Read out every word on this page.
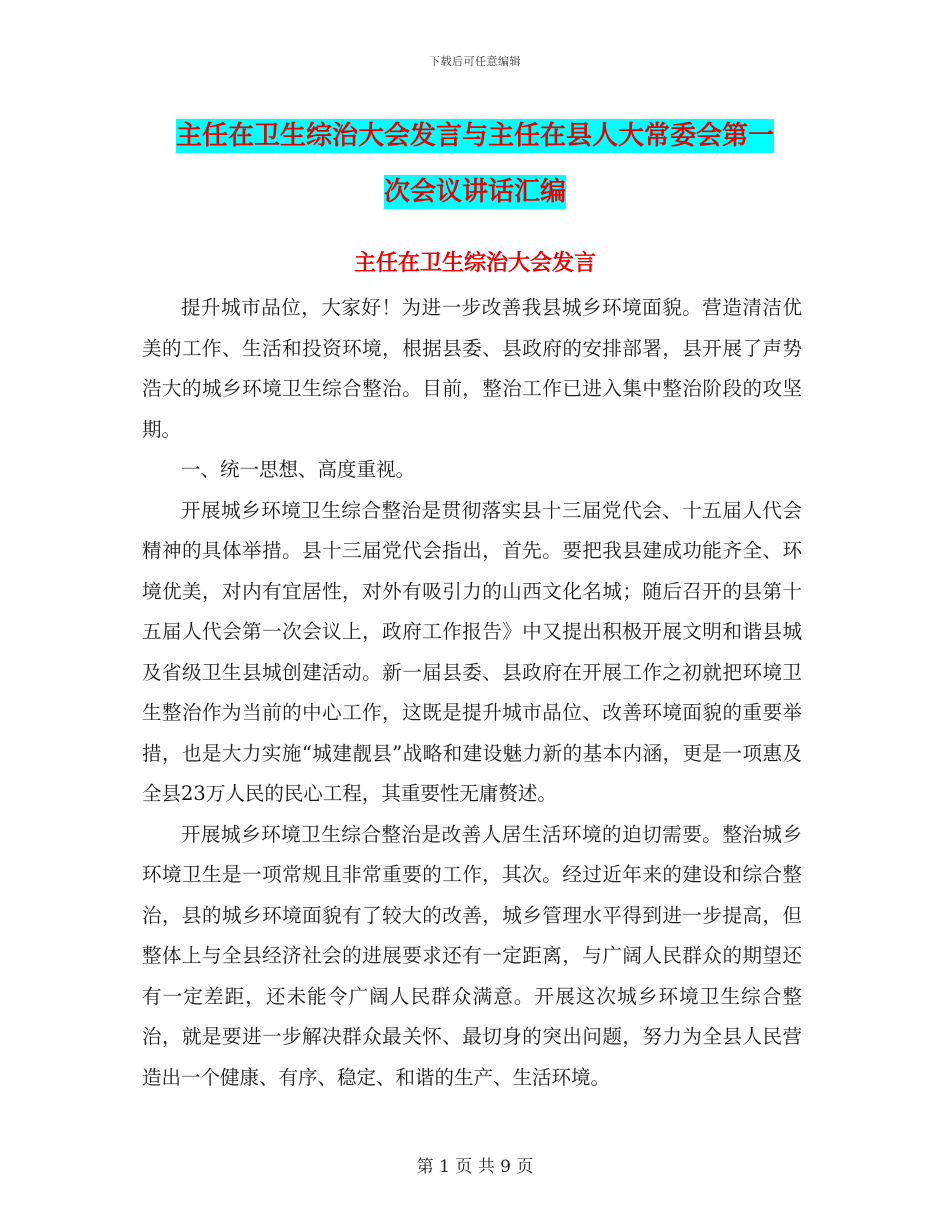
下载后可任意编辑
主任在卫生综治大会发言与主任在县人大常委会第一
次会议讲话汇编
主任在卫生综治大会发言

提升城市品位，大家好！为进一步改善我县城乡环境面貌。营造清洁优美的工作、生活和投资环境，根据县委、县政府的安排部署，县开展了声势浩大的城乡环境卫生综合整治。目前，整治工作已进入集中整治阶段的攻坚期。

一、统一思想、高度重视。

开展城乡环境卫生综合整治是贯彻落实县十三届党代会、十五届人代会精神的具体举措。县十三届党代会指出，首先。要把我县建成功能齐全、环境优美，对内有宜居性，对外有吸引力的山西文化名城；随后召开的县第十五届人代会第一次会议上，政府工作报告》中又提出积极开展文明和谐县城及省级卫生县城创建活动。新一届县委、县政府在开展工作之初就把环境卫生整治作为当前的中心工作，这既是提升城市品位、改善环境面貌的重要举措，也是大力实施“城建靓县”战略和建设魅力新的基本内涵，更是一项惠及全县23万人民的民心工程，其重要性无庸赘述。

开展城乡环境卫生综合整治是改善人居生活环境的迫切需要。整治城乡环境卫生是一项常规且非常重要的工作，其次。经过近年来的建设和综合整治，县的城乡环境面貌有了较大的改善，城乡管理水平得到进一步提高，但整体上与全县经济社会的进展要求还有一定距离，与广阔人民群众的期望还有一定差距，还未能令广阔人民群众满意。开展这次城乡环境卫生综合整治，就是要进一步解决群众最关怀、最切身的突出问题，努力为全县人民营造出一个健康、有序、稳定、和谐的生产、生活环境。

第 1 页 共 9 页
